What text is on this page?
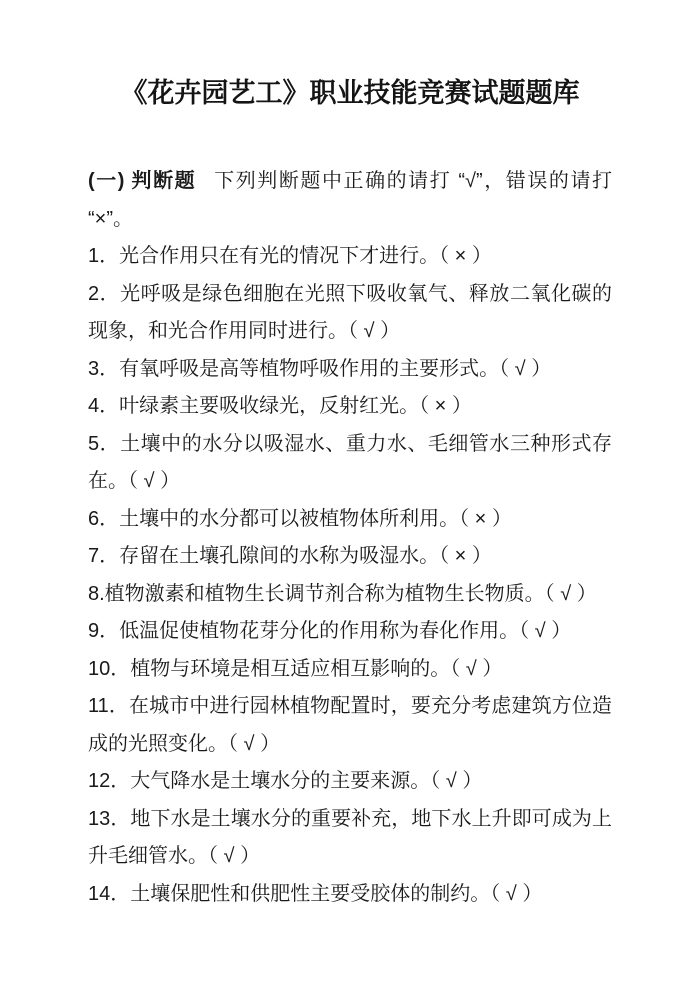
《花卉园艺工》职业技能竞赛试题题库

(一) 判断题 下列判断题中正确的请打 “√”，错误的请打 “×”。

1．光合作用只在有光的情况下才进行。（ × ）

2．光呼吸是绿色细胞在光照下吸收氧气、释放二氧化碳的现象，和光合作用同时进行。（ √ ）

3．有氧呼吸是高等植物呼吸作用的主要形式。（ √ ）

4．叶绿素主要吸收绿光，反射红光。（ × ）

5．土壤中的水分以吸湿水、重力水、毛细管水三种形式存在。（ √ ）

6．土壤中的水分都可以被植物体所利用。（ × ）

7．存留在土壤孔隙间的水称为吸湿水。（ × ）

8.植物激素和植物生长调节剂合称为植物生长物质。（ √ ）

9．低温促使植物花芽分化的作用称为春化作用。（ √ ）

10．植物与环境是相互适应相互影响的。（ √ ）

11．在城市中进行园林植物配置时，要充分考虑建筑方位造成的光照变化。（ √ ）

12．大气降水是土壤水分的主要来源。（ √ ）

13．地下水是土壤水分的重要补充，地下水上升即可成为上升毛细管水。（ √ ）

14．土壤保肥性和供肥性主要受胶体的制约。（ √ ）
